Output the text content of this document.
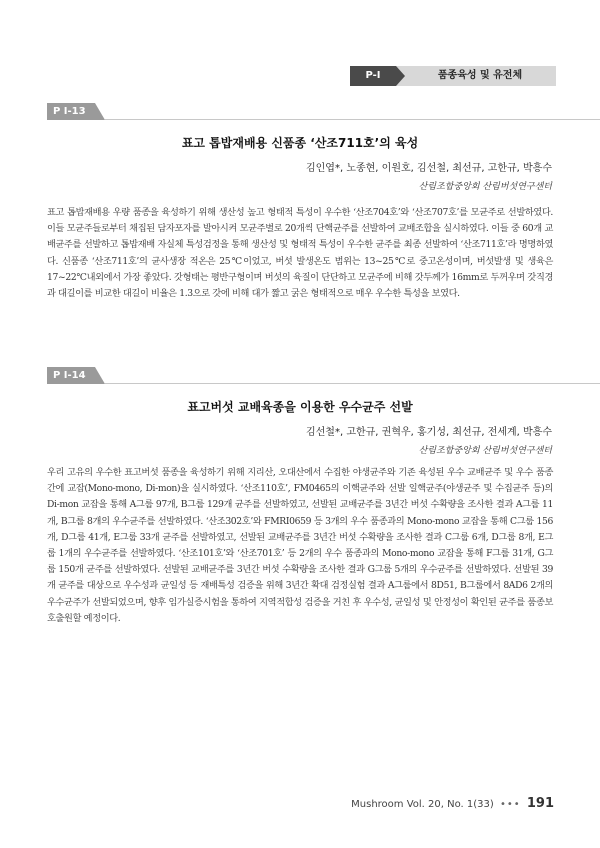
P-Ⅰ	품종육성 및 유전체
P Ⅰ-13
표고 톱밥재배용 신품종 ‘산조711호’의 육성
김인엽*, 노종현, 이원호, 김선철, 최선규, 고한규, 박흥수
산림조합중앙회 산림버섯연구센터

표고 톱밥재배용 우량 품종을 육성하기 위해 생산성 높고 형태적 특성이 우수한 ‘산조704호’와 ‘산조707호’를 모균주로 선발하였다. 이들 모균주들로부터 채집된 담자포자를 발아시켜 모균주별로 20개씩 단핵균주를 선발하여 교배조합을 실시하였다. 이들 중 60개 교배균주를 선발하고 톱밥재배 자실체 특성검정을 통해 생산성 및 형태적 특성이 우수한 균주를 최종 선발하여 ‘산조711호’라 명명하였다. 신품종 ‘산조711호’의 균사생장 적온은 25℃이었고, 버섯 발생온도 범위는 13~25℃로 중고온성이며, 버섯발생 및 생육은 17~22℃내외에서 가장 좋았다. 갓형태는 평반구형이며 버섯의 육질이 단단하고 모균주에 비해 갓두께가 16mm로 두꺼우며 갓직경과 대길이를 비교한 대길이 비율은 1.3으로 갓에 비해 대가 짧고 굵은 형태적으로 매우 우수한 특성을 보였다.

P Ⅰ-14
표고버섯 교배육종을 이용한 우수균주 선발
김선철*, 고한규, 권혁우, 홍기성, 최선규, 전세계, 박흥수
산림조합중앙회 산림버섯연구센터

우리 고유의 우수한 표고버섯 품종을 육성하기 위해 지리산, 오대산에서 수집한 야생균주와 기존 육성된 우수 교배균주 및 우수 품종간에 교잡(Mono-mono, Di-mon)을 실시하였다. ‘산조110호’, FM0465의 이핵균주와 선발 일핵균주(야생균주 및 수집균주 등)의 Di-mon 교잡을 통해 A그룹 97개, B그룹 129개 균주를 선발하였고, 선발된 교배균주를 3년간 버섯 수확량을 조사한 결과 A그룹 11개, B그룹 8개의 우수균주를 선발하였다. ‘산조302호’와 FMRI0659 등 3개의 우수 품종과의 Mono-mono 교잡을 통해 C그룹 156개, D그룹 41개, E그룹 33개 균주를 선발하였고, 선발된 교배균주를 3년간 버섯 수확량을 조사한 결과 C그룹 6개, D그룹 8개, E그룹 1개의 우수균주를 선발하였다. ‘산조101호’와 ‘산조701호’ 등 2개의 우수 품종과의 Mono-mono 교잡을 통해 F그룹 31개, G그룹 150개 균주를 선발하였다. 선발된 교배균주를 3년간 버섯 수확량을 조사한 결과 G그룹 5개의 우수균주를 선발하였다. 선발된 39개 균주를 대상으로 우수성과 균일성 등 재배특성 검증을 위해 3년간 확대 검정실험 결과 A그룹에서 8D51, B그룹에서 8AD6 2개의 우수균주가 선발되었으며, 향후 임가실증시험을 통하여 지역적합성 검증을 거친 후 우수성, 균일성 및 안정성이 확인된 균주를 품종보호출원할 예정이다.

Mushroom Vol. 20, No. 1(33) ••• 191
